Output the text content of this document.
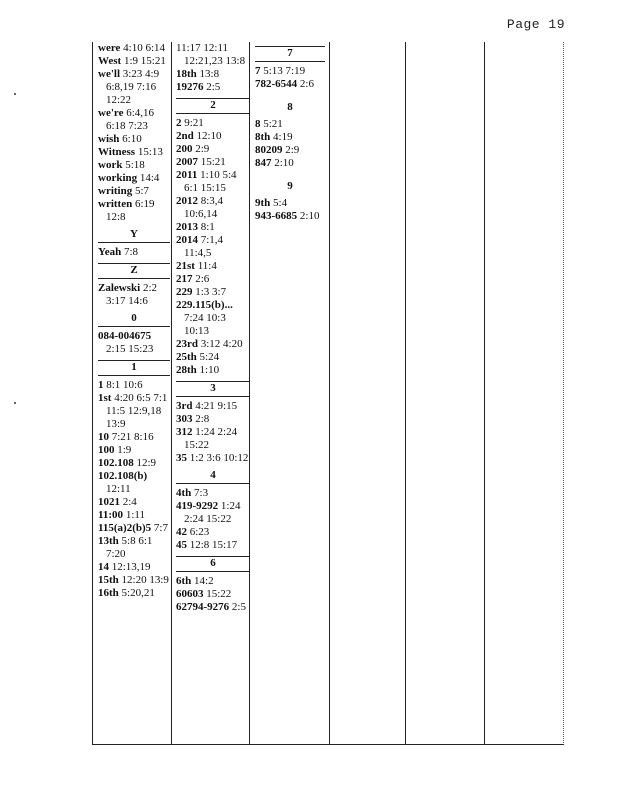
Page 19
were 4:10 6:14
West 1:9 15:21
we'll 3:23 4:9 6:8,19 7:16 12:22
we're 6:4,16 6:18 7:23
wish 6:10
Witness 15:13
work 5:18
working 14:4
writing 5:7
written 6:19 12:8
Y
Yeah 7:8
Z
Zalewski 2:2 3:17 14:6
0
084-004675 2:15 15:23
1
1 8:1 10:6
1st 4:20 6:5 7:1 11:5 12:9,18 13:9
10 7:21 8:16
100 1:9
102.108 12:9
102.108(b) 12:11
1021 2:4
11:00 1:11
115(a)2(b)5 7:7
13th 5:8 6:1 7:20
14 12:13,19
15th 12:20 13:9
16th 5:20,21
11:17 12:11 12:21,23 13:8
18th 13:8
19276 2:5
2
2 9:21
2nd 12:10
200 2:9
2007 15:21
2011 1:10 5:4 6:1 15:15
2012 8:3,4 10:6,14
2013 8:1
2014 7:1,4 11:4,5
21st 11:4
217 2:6
229 1:3 3:7
229.115(b)... 7:24 10:3 10:13
23rd 3:12 4:20
25th 5:24
28th 1:10
3
3rd 4:21 9:15
303 2:8
312 1:24 2:24 15:22
35 1:2 3:6 10:12
4
4th 7:3
419-9292 1:24 2:24 15:22
42 6:23
45 12:8 15:17
6
6th 14:2
60603 15:22
62794-9276 2:5
7
7 5:13 7:19
782-6544 2:6
8
8 5:21
8th 4:19
80209 2:9
847 2:10
9
9th 5:4
943-6685 2:10
